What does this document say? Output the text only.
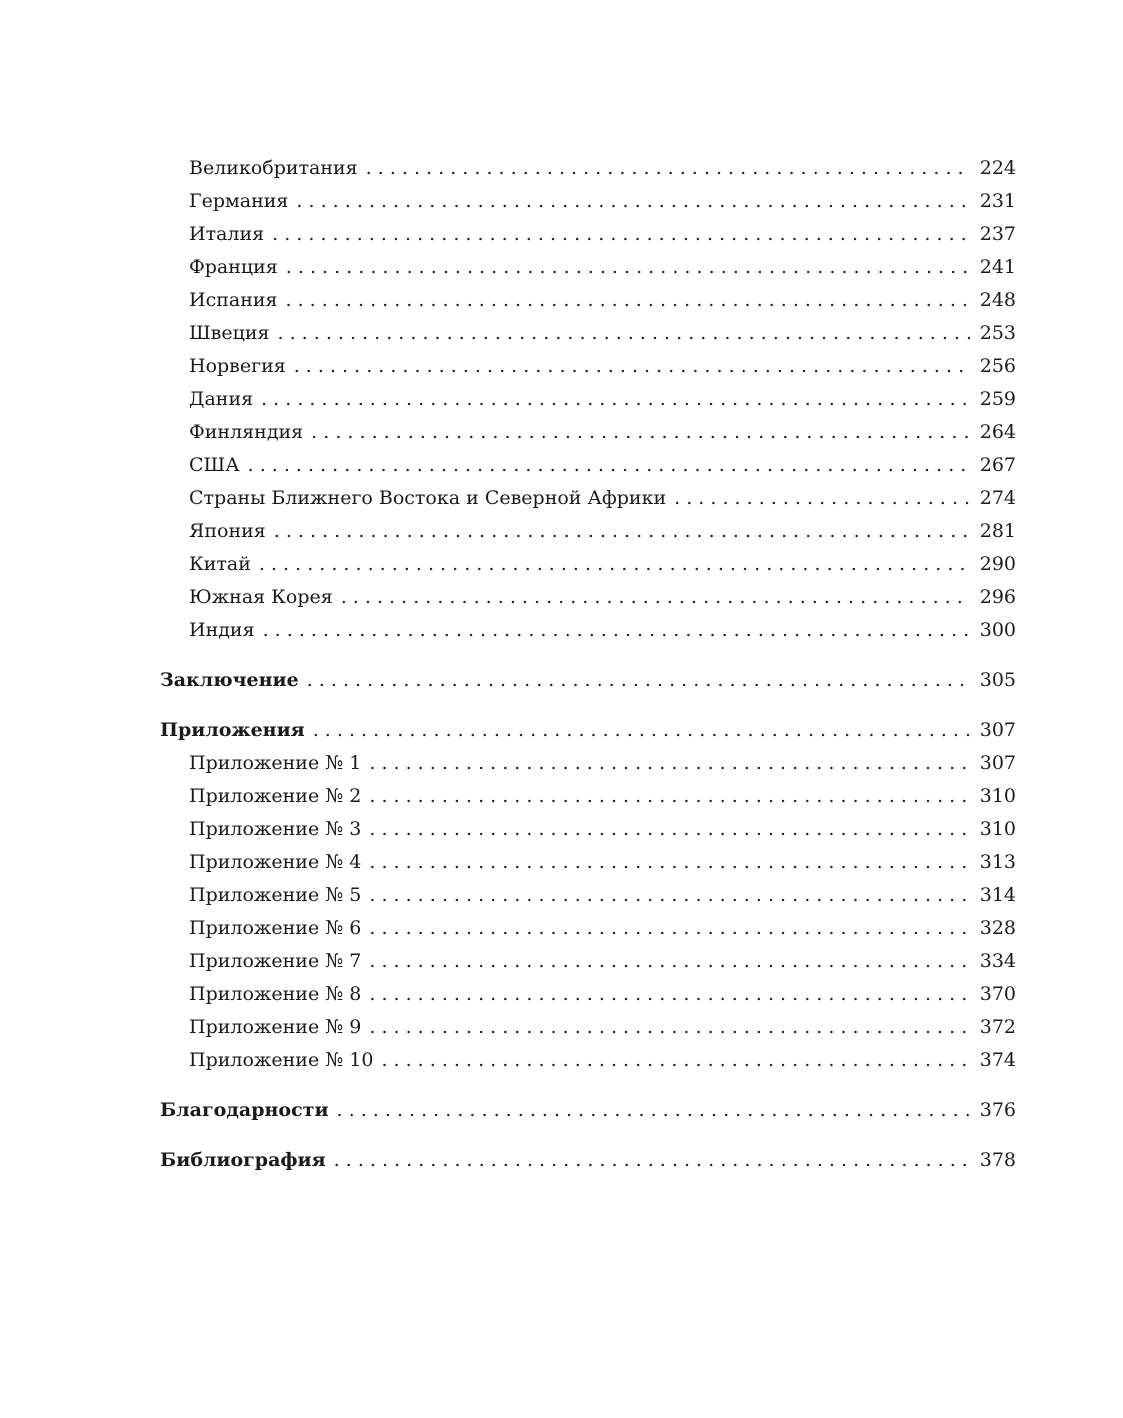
Великобритания . . .	224
Германия . . .	231
Италия . . .	237
Франция . . .	241
Испания . . .	248
Швеция . . .	253
Норвегия . . .	256
Дания . . .	259
Финляндия . . .	264
США . . .	267
Страны Ближнего Востока и Северной Африки . . .	274
Япония . . .	281
Китай . . .	290
Южная Корея . . .	296
Индия . . .	300
Заключение . . .	305
Приложения . . .	307
Приложение № 1 . . .	307
Приложение № 2 . . .	310
Приложение № 3 . . .	310
Приложение № 4 . . .	313
Приложение № 5 . . .	314
Приложение № 6 . . .	328
Приложение № 7 . . .	334
Приложение № 8 . . .	370
Приложение № 9 . . .	372
Приложение № 10 . . .	374
Благодарности . . .	376
Библиография . . .	378
